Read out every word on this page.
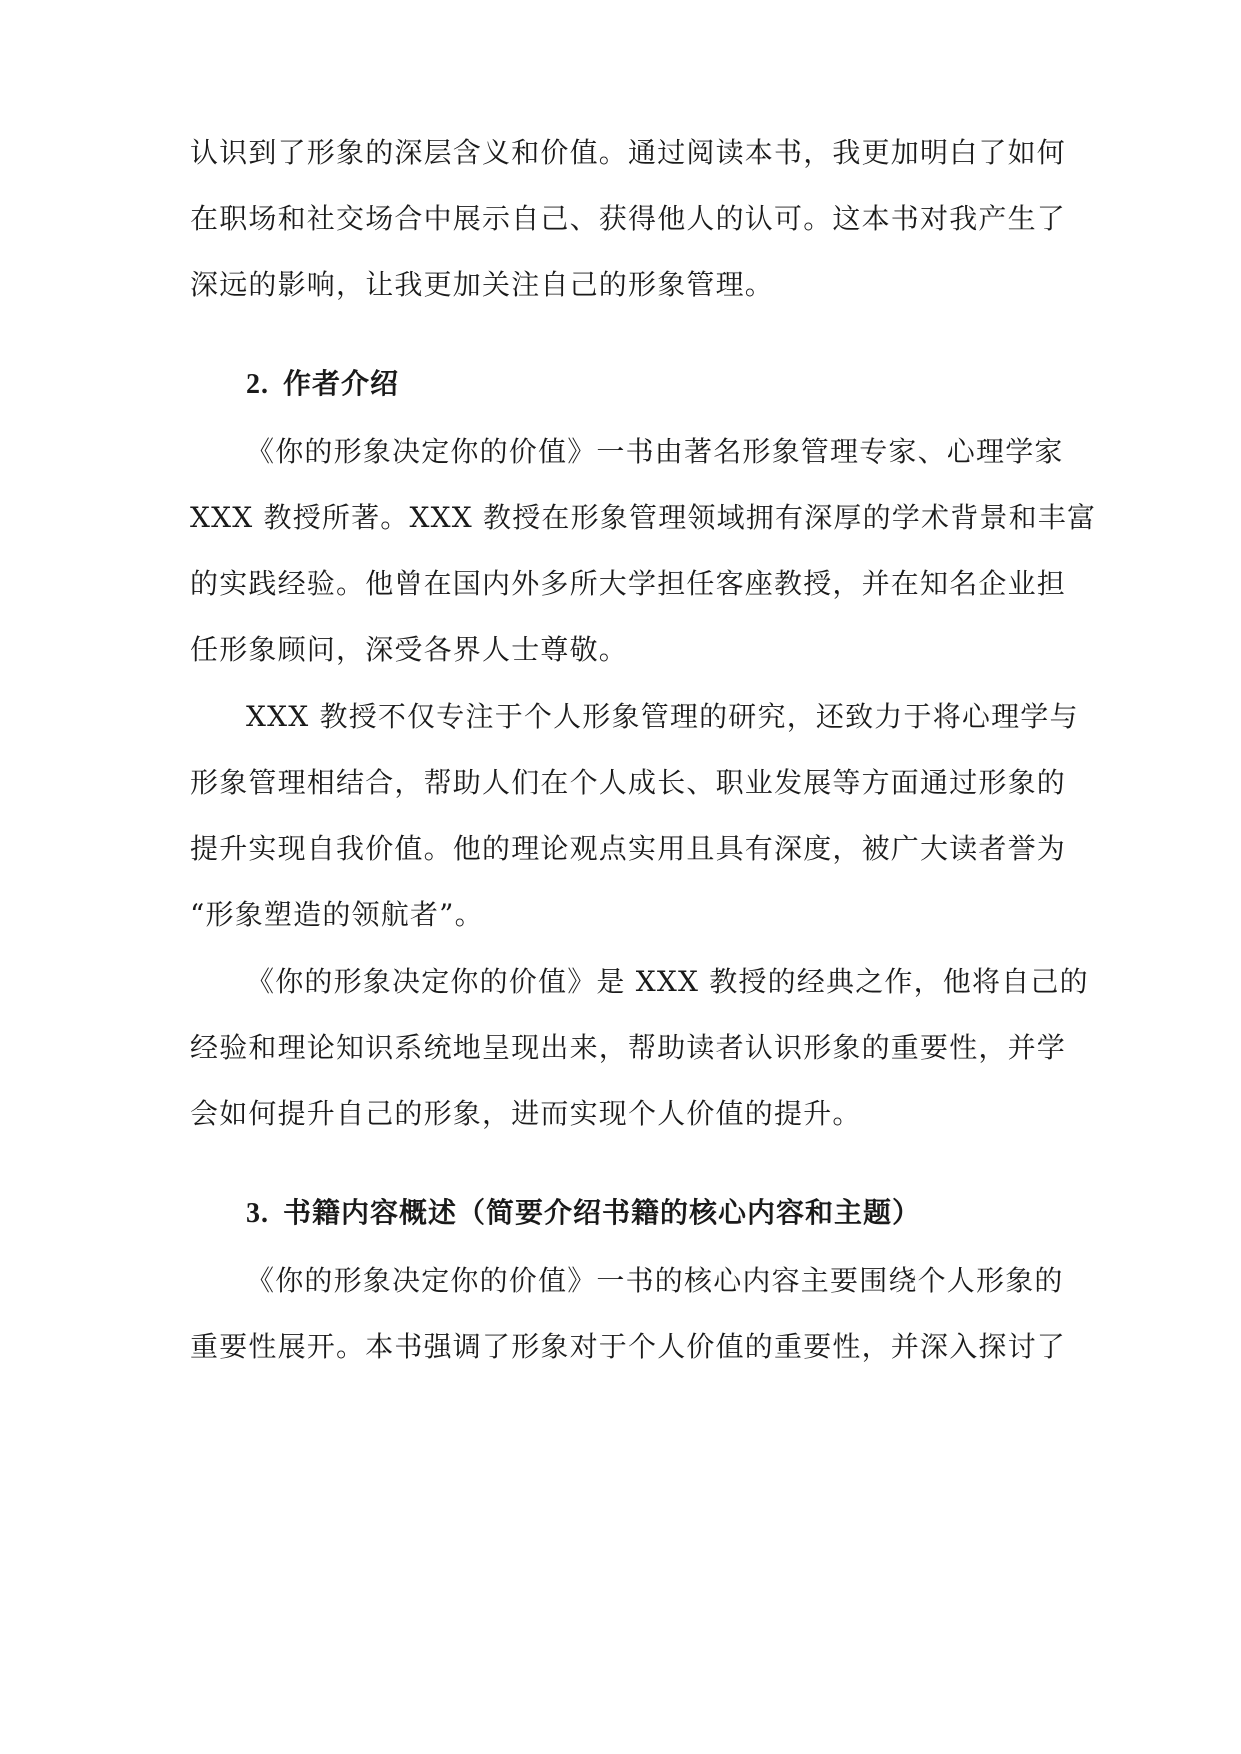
认识到了形象的深层含义和价值。通过阅读本书，我更加明白了如何
在职场和社交场合中展示自己、获得他人的认可。这本书对我产生了
深远的影响，让我更加关注自己的形象管理。
2. 作者介绍
《你的形象决定你的价值》一书由著名形象管理专家、心理学家
XXX 教授所著。XXX 教授在形象管理领域拥有深厚的学术背景和丰富
的实践经验。他曾在国内外多所大学担任客座教授，并在知名企业担
任形象顾问，深受各界人士尊敬。
XXX 教授不仅专注于个人形象管理的研究，还致力于将心理学与
形象管理相结合，帮助人们在个人成长、职业发展等方面通过形象的
提升实现自我价值。他的理论观点实用且具有深度，被广大读者誉为
“形象塑造的领航者”。
《你的形象决定你的价值》是 XXX 教授的经典之作，他将自己的
经验和理论知识系统地呈现出来，帮助读者认识形象的重要性，并学
会如何提升自己的形象，进而实现个人价值的提升。
3. 书籍内容概述（简要介绍书籍的核心内容和主题）
《你的形象决定你的价值》一书的核心内容主要围绕个人形象的
重要性展开。本书强调了形象对于个人价值的重要性，并深入探讨了
